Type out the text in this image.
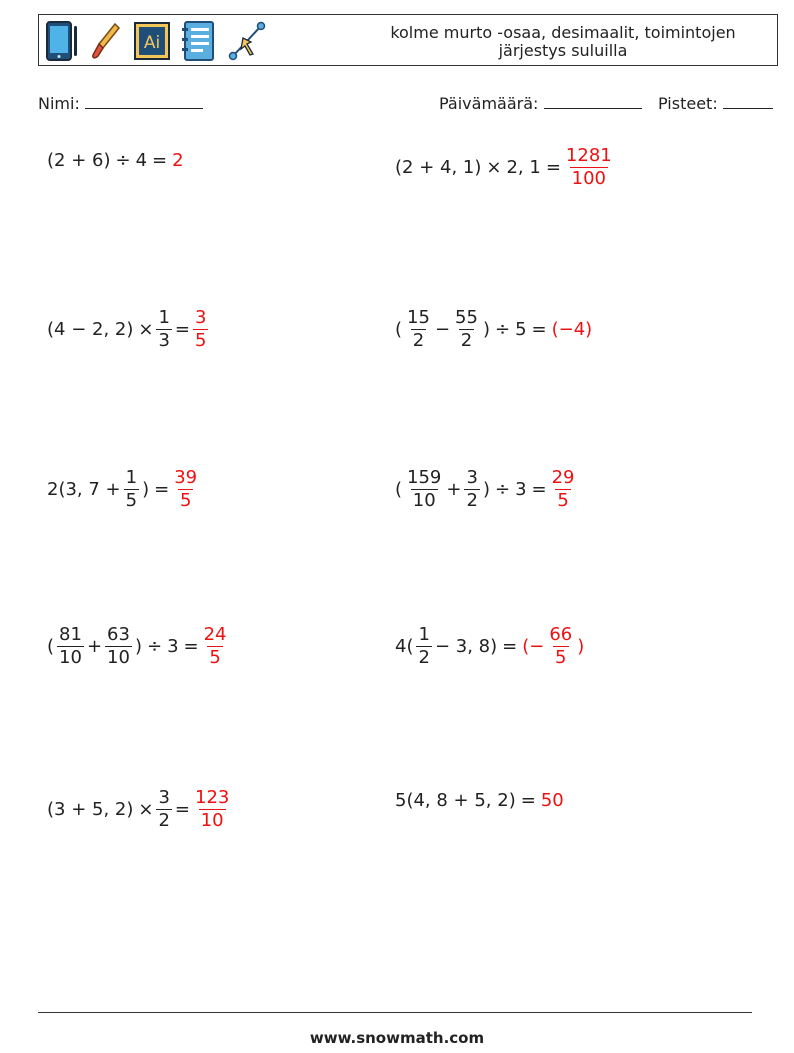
Ai
kolme murto -osaa, desimaalit, toimintojen
järjestys suluilla
Nimi:	Päivämäärä:	Pisteet:
(2 + 6) ÷ 4 = 2	(2 + 4, 1) × 2, $1 = \frac{1281}{100}$
(4 − 2, $2) \times \frac{1}{3} = \frac{3}{5}$	( $\frac{15}{2} - \frac{55}{2}$ ) ÷ 5 = (−4)
2(3, $7 + \frac{1}{5}$ ) = $\frac{39}{5}$	( $\frac{159}{10} + \frac{3}{2}$ ) ÷ $3 = \frac{29}{5}$
( $\frac{81}{10} + \frac{63}{10}$ ) ÷ $3 = \frac{24}{5}$	$4( \frac{1}{2} - 3$, 8) = (− $\frac{66}{5}$ )
(3 + 5, $2) \times \frac{3}{2} = \frac{123}{10}$	5(4, 8 + 5, 2) = 50
www.snowmath.com
